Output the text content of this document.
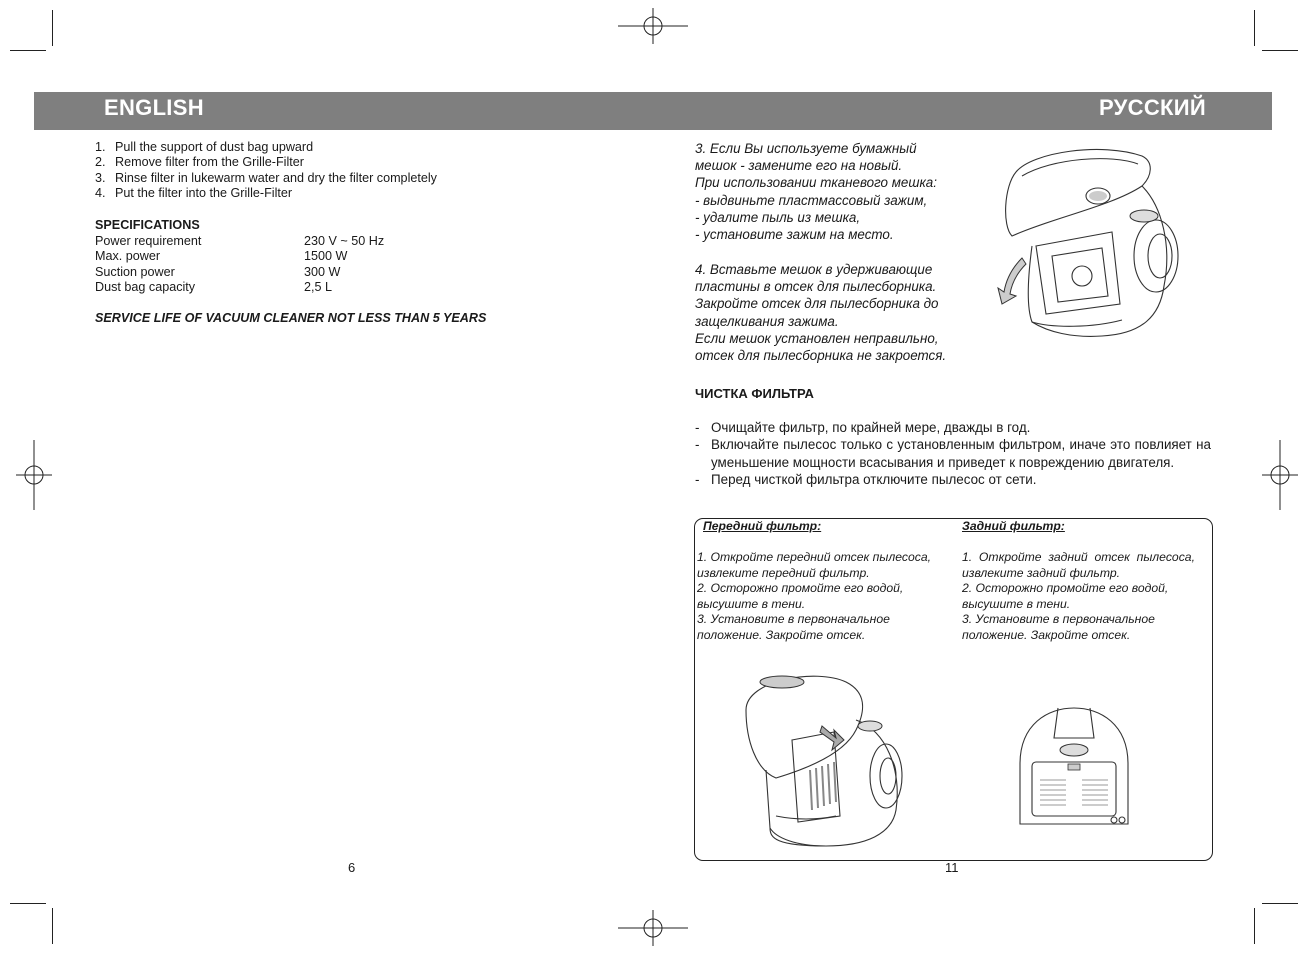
ENGLISH	РУССКИЙ
1. Pull the support of dust bag upward
2. Remove filter from the Grille-Filter
3. Rinse filter in lukewarm water and dry the filter completely
4. Put the filter into the Grille-Filter
SPECIFICATIONS
Power requirement	230 V ~ 50 Hz
Max. power	1500 W
Suction power	300 W
Dust bag capacity	2,5 L
SERVICE LIFE OF VACUUM CLEANER NOT LESS THAN 5 YEARS
6
3. Если Вы используете бумажный
мешок - замените его на новый.
При использовании тканевого мешка:
- выдвиньте пластмассовый зажим,
- удалите пыль из мешка,
- установите зажим на место.
4. Вставьте мешок в удерживающие
пластины в отсек для пылесборника.
Закройте отсек для пылесборника до
защелкивания зажима.
Если мешок установлен неправильно,
отсек для пылесборника не закроется.
ЧИСТКА ФИЛЬТРА
- Очищайте фильтр, по крайней мере, дважды в год.
- Включайте пылесос только с установленным фильтром, иначе это повлияет на уменьшение мощности всасывания и приведет к повреждению двигателя.
- Перед чисткой фильтра отключите пылесос от сети.
Передний фильтр:
1. Откройте передний отсек пылесоса,
извлеките передний фильтр.
2. Осторожно промойте его водой,
высушите в тени.
3. Установите в первоначальное
положение. Закройте отсек.
Задний фильтр:
1.  Откройте  задний  отсек  пылесоса,
извлеките задний фильтр.
2. Осторожно промойте его водой,
высушите в тени.
3. Установите в первоначальное
положение. Закройте отсек.
11
